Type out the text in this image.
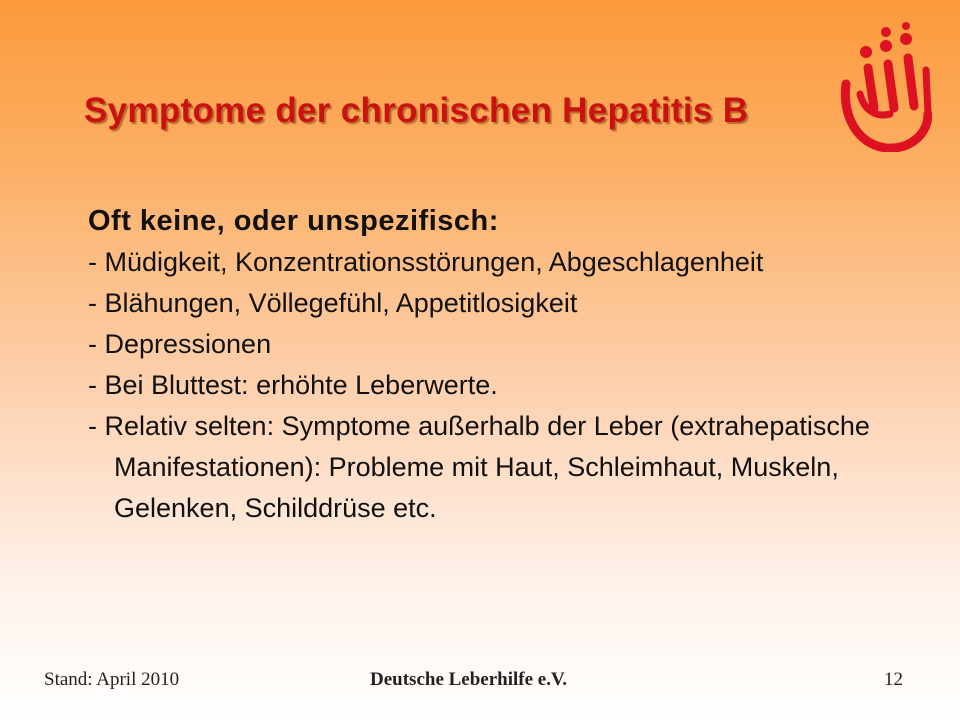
Symptome der chronischen Hepatitis B

Oft keine, oder unspezifisch:

- Müdigkeit, Konzentrationsstörungen, Abgeschlagenheit
- Blähungen, Völlegefühl, Appetitlosigkeit
- Depressionen
- Bei Bluttest: erhöhte Leberwerte.
- Relativ selten: Symptome außerhalb der Leber (extrahepatische Manifestationen): Probleme mit Haut, Schleimhaut, Muskeln, Gelenken, Schilddrüse etc.
Stand: April 2010	Deutsche Leberhilfe e.V.	12
